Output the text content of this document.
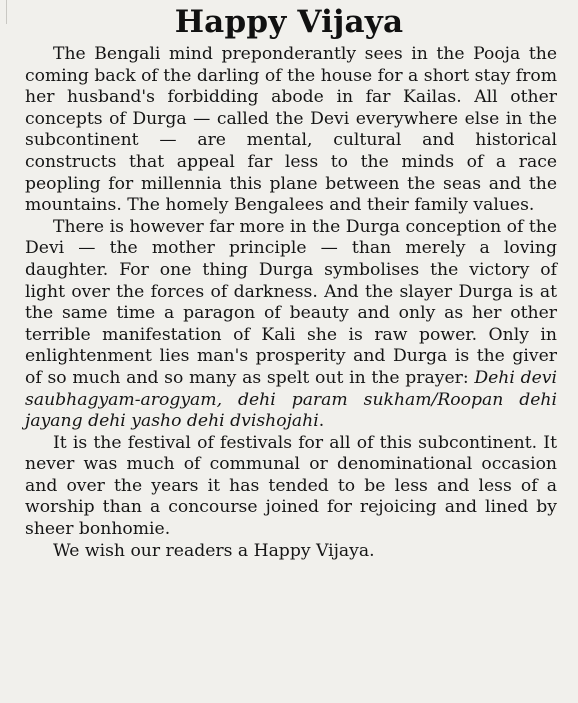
Happy Vijaya

The Bengali mind preponderantly sees in the Pooja the coming back of the darling of the house for a short stay from her husband's forbidding abode in far Kailas. All other concepts of Durga — called the Devi everywhere else in the subcontinent — are mental, cultural and historical constructs that appeal far less to the minds of a race peopling for millennia this plane between the seas and the mountains. The homely Bengalees and their family values.

There is however far more in the Durga conception of the Devi — the mother principle — than merely a loving daughter. For one thing Durga symbolises the victory of light over the forces of darkness. And the slayer Durga is at the same time a paragon of beauty and only as her other terrible manifestation of Kali she is raw power. Only in enlightenment lies man's prosperity and Durga is the giver of so much and so many as spelt out in the prayer: Dehi devi saubhagyam-arogyam, dehi param sukham/Roopan dehi jayang dehi yasho dehi dvishojahi.

It is the festival of festivals for all of this subcontinent. It never was much of communal or denominational occasion and over the years it has tended to be less and less of a worship than a concourse joined for rejoicing and lined by sheer bonhomie.

We wish our readers a Happy Vijaya.
